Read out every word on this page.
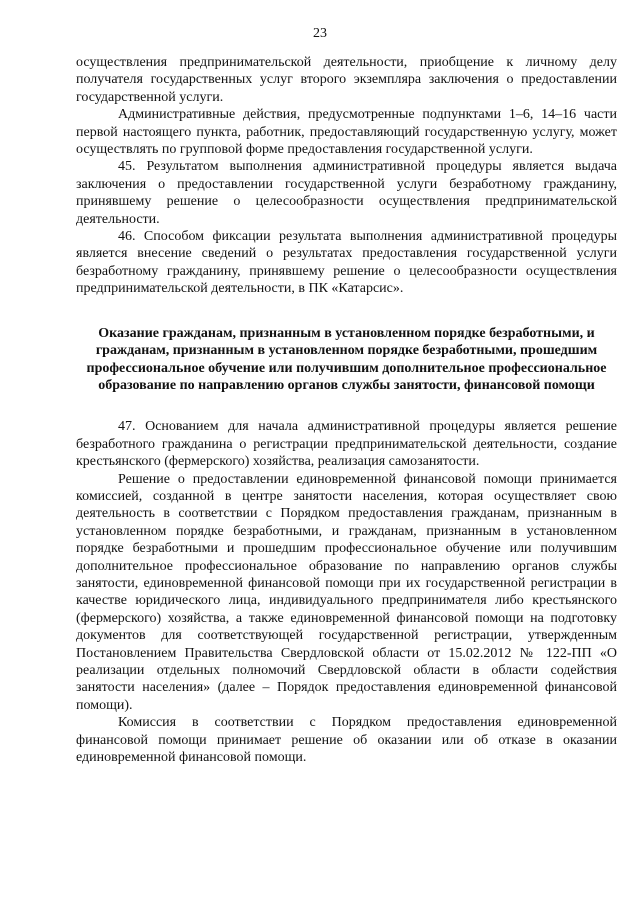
23

осуществления предпринимательской деятельности, приобщение к личному делу получателя государственных услуг второго экземпляра заключения о предоставлении государственной услуги.

Административные действия, предусмотренные подпунктами 1–6, 14–16 части первой настоящего пункта, работник, предоставляющий государственную услугу, может осуществлять по групповой форме предоставления государственной услуги.

45. Результатом выполнения административной процедуры является выдача заключения о предоставлении государственной услуги безработному гражданину, принявшему решение о целесообразности осуществления предпринимательской деятельности.

46. Способом фиксации результата выполнения административной процедуры является внесение сведений о результатах предоставления государственной услуги безработному гражданину, принявшему решение о целесообразности осуществления предпринимательской деятельности, в ПК «Катарсис».

Оказание гражданам, признанным в установленном порядке безработными, и гражданам, признанным в установленном порядке безработными, прошедшим профессиональное обучение или получившим дополнительное профессиональное образование по направлению органов службы занятости, финансовой помощи

47. Основанием для начала административной процедуры является решение безработного гражданина о регистрации предпринимательской деятельности, создание крестьянского (фермерского) хозяйства, реализация самозанятости.

Решение о предоставлении единовременной финансовой помощи принимается комиссией, созданной в центре занятости населения, которая осуществляет свою деятельность в соответствии с Порядком предоставления гражданам, признанным в установленном порядке безработными, и гражданам, признанным в установленном порядке безработными и прошедшим профессиональное обучение или получившим дополнительное профессиональное образование по направлению органов службы занятости, единовременной финансовой помощи при их государственной регистрации в качестве юридического лица, индивидуального предпринимателя либо крестьянского (фермерского) хозяйства, а также единовременной финансовой помощи на подготовку документов для соответствующей государственной регистрации, утвержденным Постановлением Правительства Свердловской области от 15.02.2012 № 122-ПП «О реализации отдельных полномочий Свердловской области в области содействия занятости населения» (далее – Порядок предоставления единовременной финансовой помощи).

Комиссия в соответствии с Порядком предоставления единовременной финансовой помощи принимает решение об оказании или об отказе в оказании единовременной финансовой помощи.
